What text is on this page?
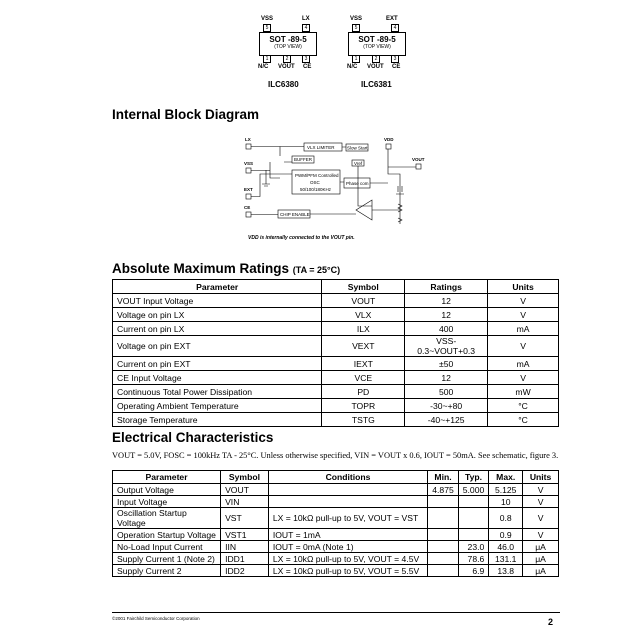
VSS	LX
5	4
SOT -89-5
(TOP VIEW)
1	2	3
N/C VOUT CE
ILC6380
VSS	EXT
5	4
SOT -89-5
(TOP VIEW)
1	2	3
N/C VOUT CE
ILC6381
Internal Block Diagram
LX
VSS
EXT
CE
VDD
VOUT
VLX LIMITER
BUFFER
Slow Start
Vref
PWM/PFM Controlled
OSC
50/100/180KHz
Phase com
CHIP ENABLE
VDD is internally connected to the VOUT pin.
Absolute Maximum Ratings (TA = 25°C)
Parameter	Symbol	Ratings	Units
VOUT Input Voltage	VOUT	12	V
Voltage on pin LX	VLX	12	V
Current on pin LX	ILX	400	mA
Voltage on pin EXT	VEXT	VSS-0.3~VOUT+0.3	V
Current on pin EXT	IEXT	±50	mA
CE Input Voltage	VCE	12	V
Continuous Total Power Dissipation	PD	500	mW
Operating Ambient Temperature	TOPR	-30~+80	°C
Storage Temperature	TSTG	-40~+125	°C
Electrical Characteristics
VOUT = 5.0V, FOSC = 100kHz TA - 25°C. Unless otherwise specified, VIN = VOUT x 0.6, IOUT = 50mA. See schematic, figure 3.
Parameter	Symbol	Conditions	Min.	Typ.	Max.	Units
Output Voltage	VOUT		4.875	5.000	5.125	V
Input Voltage	VIN				10	V
Oscillation Startup Voltage	VST	LX = 10kΩ pull-up to 5V, VOUT = VST			0.8	V
Operation Startup Voltage	VST1	IOUT = 1mA			0.9	V
No-Load Input Current	IIN	IOUT = 0mA (Note 1)		23.0	46.0	μA
Supply Current 1 (Note 2)	IDD1	LX = 10kΩ pull-up to 5V, VOUT = 4.5V		78.6	131.1	μA
Supply Current 2	IDD2	LX = 10kΩ pull-up to 5V, VOUT = 5.5V		6.9	13.8	μA
©2001 Fairchild Semiconductor Corporation	2
